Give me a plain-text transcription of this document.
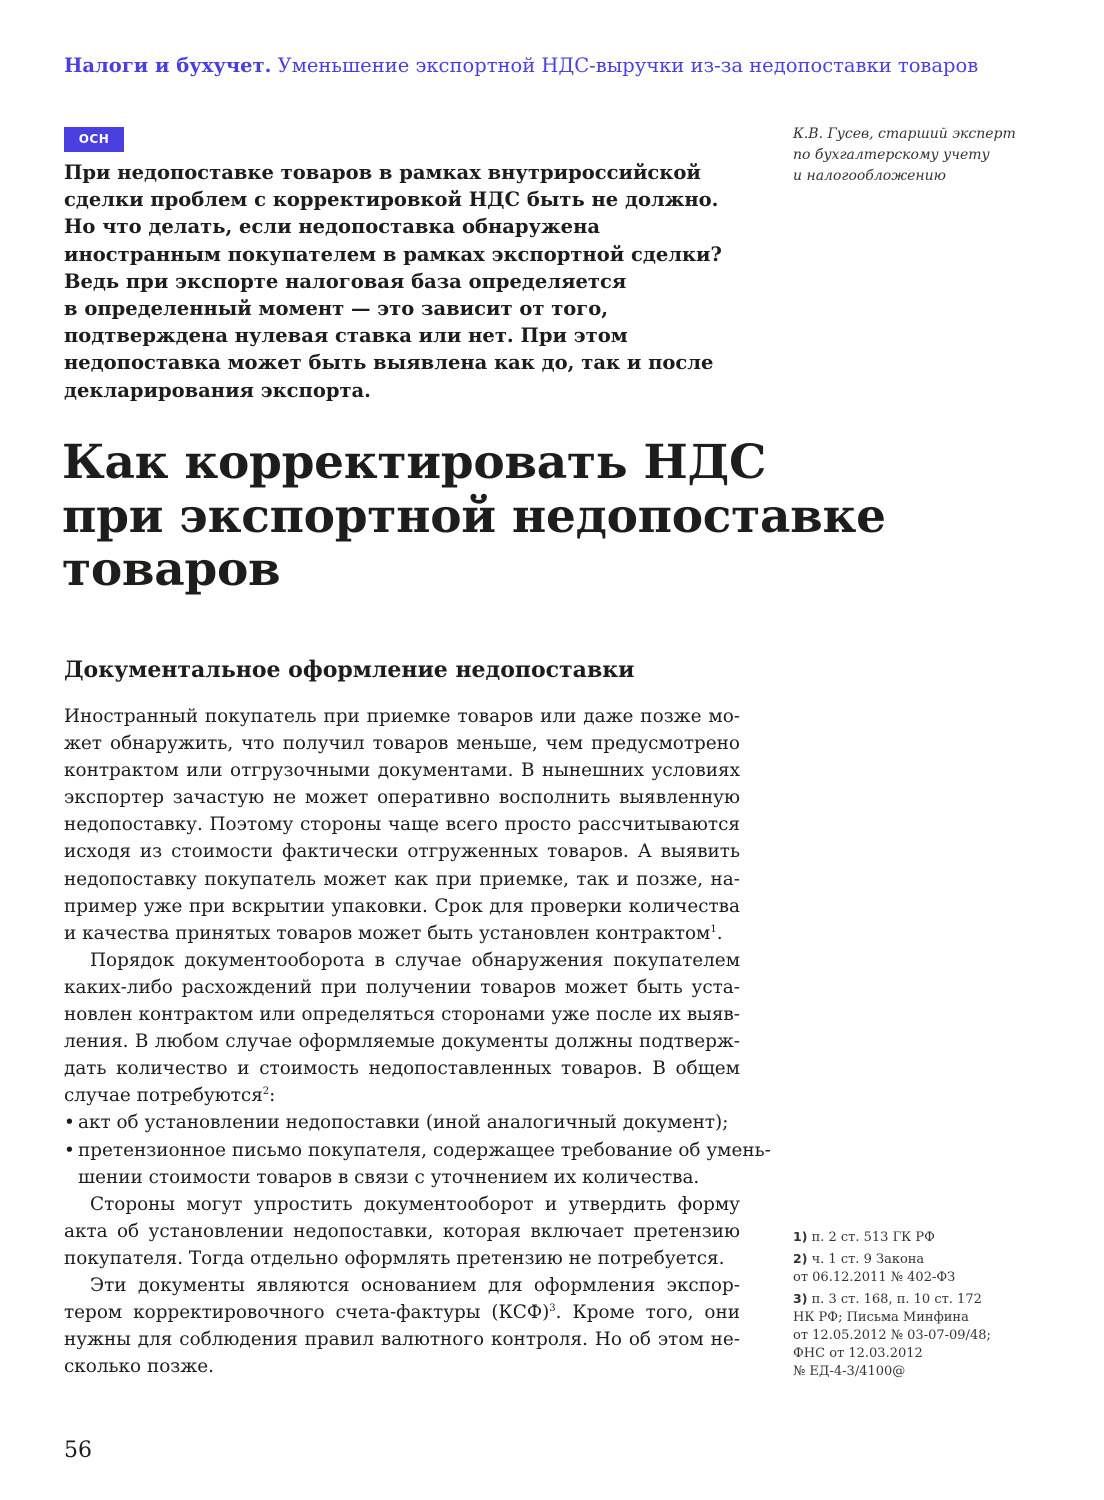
Налоги и бухучет. Уменьшение экспортной НДС-выручки из-за недопоставки товаров
ОСН	К.В. Гусев, старший эксперт
по бухгалтерскому учету
и налогообложению
При недопоставке товаров в рамках внутрироссийской
сделки проблем с корректировкой НДС быть не должно.
Но что делать, если недопоставка обнаружена
иностранным покупателем в рамках экспортной сделки?
Ведь при экспорте налоговая база определяется
в определенный момент — это зависит от того,
подтверждена нулевая ставка или нет. При этом
недопоставка может быть выявлена как до, так и после
декларирования экспорта.
Как корректировать НДС
при экспортной недопоставке
товаров
Документальное оформление недопоставки
Иностранный покупатель при приемке товаров или даже позже мо-
жет обнаружить, что получил товаров меньше, чем предусмотрено
контрактом или отгрузочными документами. В нынешних условиях
экспортер зачастую не может оперативно восполнить выявленную
недопоставку. Поэтому стороны чаще всего просто рассчитываются
исходя из стоимости фактически отгруженных товаров. А выявить
недопоставку покупатель может как при приемке, так и позже, на-
пример уже при вскрытии упаковки. Срок для проверки количества
и качества принятых товаров может быть установлен контрактом$^1$.
Порядок документооборота в случае обнаружения покупателем
каких-либо расхождений при получении товаров может быть уста-
новлен контрактом или определяться сторонами уже после их выяв-
ления. В любом случае оформляемые документы должны подтверж-
дать количество и стоимость недопоставленных товаров. В общем
случае потребуются$^2$:
• акт об установлении недопоставки (иной аналогичный документ);
• претензионное письмо покупателя, содержащее требование об умень-
шении стоимости товаров в связи с уточнением их количества.
Стороны могут упростить документооборот и утвердить форму
акта об установлении недопоставки, которая включает претензию
покупателя. Тогда отдельно оформлять претензию не потребуется.
Эти документы являются основанием для оформления экспор-
тером корректировочного счета-фактуры (КСФ)$^3$. Кроме того, они
нужны для соблюдения правил валютного контроля. Но об этом не-
сколько позже.
1) п. 2 ст. 513 ГК РФ
2) ч. 1 ст. 9 Закона
от 06.12.2011 № 402-ФЗ
3) п. 3 ст. 168, п. 10 ст. 172
НК РФ; Письма Минфина
от 12.05.2012 № 03-07-09/48;
ФНС от 12.03.2012
№ ЕД-4-3/4100@
56
